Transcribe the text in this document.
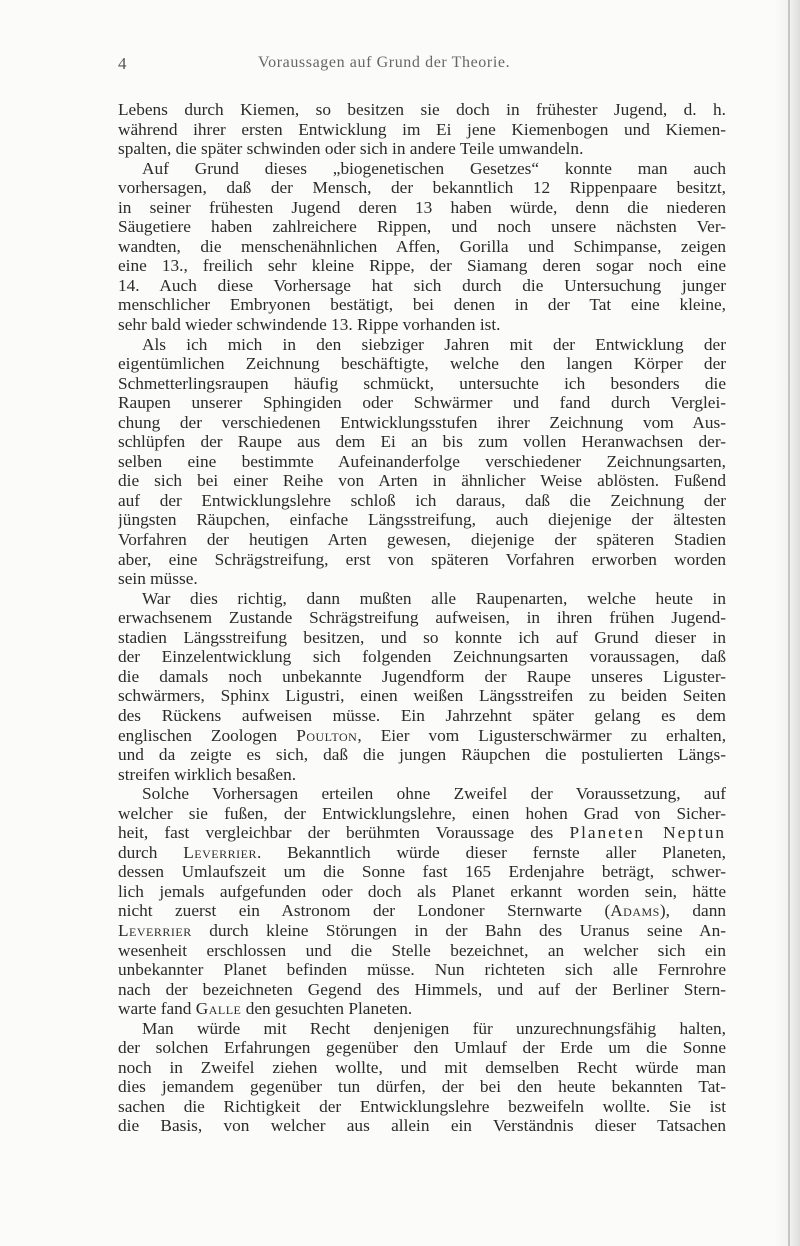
4	Voraussagen auf Grund der Theorie.
Lebens durch Kiemen, so besitzen sie doch in frühester Jugend, d. h.
während ihrer ersten Entwicklung im Ei jene Kiemenbogen und Kiemen-
spalten, die später schwinden oder sich in andere Teile umwandeln.
Auf Grund dieses „biogenetischen Gesetzes“ konnte man auch
vorhersagen, daß der Mensch, der bekanntlich 12 Rippenpaare besitzt,
in seiner frühesten Jugend deren 13 haben würde, denn die niederen
Säugetiere haben zahlreichere Rippen, und noch unsere nächsten Ver-
wandten, die menschenähnlichen Affen, Gorilla und Schimpanse, zeigen
eine 13., freilich sehr kleine Rippe, der Siamang deren sogar noch eine
14. Auch diese Vorhersage hat sich durch die Untersuchung junger
menschlicher Embryonen bestätigt, bei denen in der Tat eine kleine,
sehr bald wieder schwindende 13. Rippe vorhanden ist.
Als ich mich in den siebziger Jahren mit der Entwicklung der
eigentümlichen Zeichnung beschäftigte, welche den langen Körper der
Schmetterlingsraupen häufig schmückt, untersuchte ich besonders die
Raupen unserer Sphingiden oder Schwärmer und fand durch Verglei-
chung der verschiedenen Entwicklungsstufen ihrer Zeichnung vom Aus-
schlüpfen der Raupe aus dem Ei an bis zum vollen Heranwachsen der-
selben eine bestimmte Aufeinanderfolge verschiedener Zeichnungsarten,
die sich bei einer Reihe von Arten in ähnlicher Weise ablösten. Fußend
auf der Entwicklungslehre schloß ich daraus, daß die Zeichnung der
jüngsten Räupchen, einfache Längsstreifung, auch diejenige der ältesten
Vorfahren der heutigen Arten gewesen, diejenige der späteren Stadien
aber, eine Schrägstreifung, erst von späteren Vorfahren erworben worden
sein müsse.
War dies richtig, dann mußten alle Raupenarten, welche heute in
erwachsenem Zustande Schrägstreifung aufweisen, in ihren frühen Jugend-
stadien Längsstreifung besitzen, und so konnte ich auf Grund dieser in
der Einzelentwicklung sich folgenden Zeichnungsarten voraussagen, daß
die damals noch unbekannte Jugendform der Raupe unseres Liguster-
schwärmers, Sphinx Ligustri, einen weißen Längsstreifen zu beiden Seiten
des Rückens aufweisen müsse. Ein Jahrzehnt später gelang es dem
englischen Zoologen Poulton, Eier vom Ligusterschwärmer zu erhalten,
und da zeigte es sich, daß die jungen Räupchen die postulierten Längs-
streifen wirklich besaßen.
Solche Vorhersagen erteilen ohne Zweifel der Voraussetzung, auf
welcher sie fußen, der Entwicklungslehre, einen hohen Grad von Sicher-
heit, fast vergleichbar der berühmten Voraussage des Planeten Neptun
durch Leverrier. Bekanntlich würde dieser fernste aller Planeten,
dessen Umlaufszeit um die Sonne fast 165 Erdenjahre beträgt, schwer-
lich jemals aufgefunden oder doch als Planet erkannt worden sein, hätte
nicht zuerst ein Astronom der Londoner Sternwarte (Adams), dann
Leverrier durch kleine Störungen in der Bahn des Uranus seine An-
wesenheit erschlossen und die Stelle bezeichnet, an welcher sich ein
unbekannter Planet befinden müsse. Nun richteten sich alle Fernrohre
nach der bezeichneten Gegend des Himmels, und auf der Berliner Stern-
warte fand Galle den gesuchten Planeten.
Man würde mit Recht denjenigen für unzurechnungsfähig halten,
der solchen Erfahrungen gegenüber den Umlauf der Erde um die Sonne
noch in Zweifel ziehen wollte, und mit demselben Recht würde man
dies jemandem gegenüber tun dürfen, der bei den heute bekannten Tat-
sachen die Richtigkeit der Entwicklungslehre bezweifeln wollte. Sie ist
die Basis, von welcher aus allein ein Verständnis dieser Tatsachen
